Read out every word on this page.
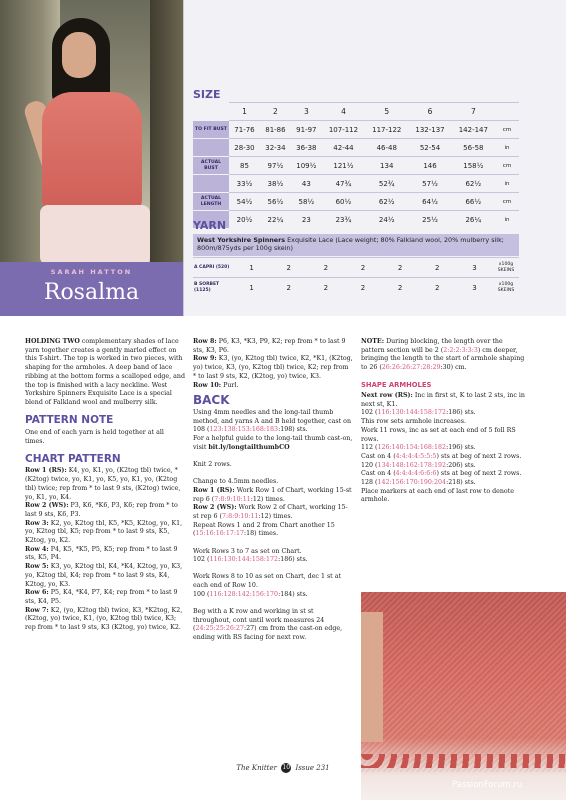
SARAH HATTON
Rosalma
SIZE
	1	2	3	4	5	6	7	
TO FIT BUST	71-76	81-86	91-97	107-112	117-122	132-137	142-147	cm
	28-30	32-34	36-38	42-44	46-48	52-54	56-58	in
ACTUAL BUST	85	97½	109½	121½	134	146	158½	cm
	33½	38½	43	47¾	52¾	57½	62½	in
ACTUAL LENGTH	54½	56½	58½	60½	62½	64½	66½	cm
	20½	22¼	23	23¾	24½	25½	26¼	in
YARN
West Yorkshire Spinners Exquisite Lace (Lace weight; 80% Falkland wool, 20% mulberry silk; 800m/875yds per 100g skein)
A CAPRI (520)	1	2	2	2	2	2	3	x100g SKEINS
B SORBET (1125)	1	2	2	2	2	2	3	x100g SKEINS

HOLDING TWO complementary shades of lace yarn together creates a gently marled effect on this T-shirt. The top is worked in two pieces, with shaping for the armholes. A deep band of lace ribbing at the bottom forms a scalloped edge, and the top is finished with a lacy neckline. West Yorkshire Spinners Exquisite Lace is a special blend of Falkland wool and mulberry silk.

PATTERN NOTE

One end of each yarn is held together at all times.

CHART PATTERN

Row 1 (RS): K4, yo, K1, yo, (K2tog tbl) twice, *(K2tog) twice, yo, K1, yo, K5, yo, K1, yo, (K2tog tbl) twice; rep from * to last 9 sts, (K2tog) twice, yo, K1, yo, K4.

Row 2 (WS): P3, K6, *K6, P3, K6; rep from * to last 9 sts, K6, P3.

Row 3: K2, yo, K2tog tbl, K5, *K5, K2tog, yo, K1, yo, K2tog tbl, K5; rep from * to last 9 sts, K5, K2tog, yo, K2.

Row 4: P4, K5, *K5, P5, K5; rep from * to last 9 sts, K5, P4.

Row 5: K3, yo, K2tog tbl, K4, *K4, K2tog, yo, K3, yo, K2tog tbl, K4; rep from * to last 9 sts, K4, K2tog, yo, K3.

Row 6: P5, K4, *K4, P7, K4; rep from * to last 9 sts, K4, P5.

Row 7: K2, (yo, K2tog tbl) twice, K3, *K2tog, K2, (K2tog, yo) twice, K1, (yo, K2tog tbl) twice, K3; rep from * to last 9 sts, K3 (K2tog, yo) twice, K2.

Row 8: P6, K3, *K3, P9, K2; rep from * to last 9 sts, K3, P6.

Row 9: K3, (yo, K2tog tbl) twice, K2, *K1, (K2tog, yo) twice, K3, (yo, K2tog tbl) twice, K2; rep from * to last 9 sts, K2, (K2tog, yo) twice, K3.

Row 10: Purl.

BACK

Using 4mm needles and the long-tail thumb method, and yarns A and B held together, cast on 108 (123:138:153:168:183:198) sts.

For a helpful guide to the long-tail thumb cast-on, visit bit.ly/longtailthumbCO

Knit 2 rows.

Change to 4.5mm needles.

Row 1 (RS): Work Row 1 of Chart, working 15-st rep 6 (7:8:9:10:11:12) times.

Row 2 (WS): Work Row 2 of Chart, working 15-st rep 6 (7:8:9:10:11:12) times.

Repeat Rows 1 and 2 from Chart another 15 (15:16:16:17:17:18) times.

Work Rows 3 to 7 as set on Chart.

102 (116:130:144:158:172:186) sts.

Work Rows 8 to 10 as set on Chart, dec 1 st at each end of Row 10.

100 (116:128:142:156:170:184) sts.

Beg with a K row and working in st st throughout, cont until work measures 24 (24:25:25:26:27:27) cm from the cast-on edge, ending with RS facing for next row.

NOTE: During blocking, the length over the pattern section will be 2 (2:2:2:3:3:3) cm deeper, bringing the length to the start of armhole shaping to 26 (26:26:26:27:28:29:30) cm.

SHAPE ARMHOLES

Next row (RS): Inc in first st, K to last 2 sts, inc in next st, K1.

102 (116:130:144:158:172:186) sts.

This row sets armhole increases.

Work 11 rows, inc as set at each end of 5 foll RS rows.

112 (126:140:154:168:182:196) sts.

Cast on 4 (4:4:4:4:5:5:5) sts at beg of next 2 rows.

120 (134:148:162:178:192:206) sts.

Cast on 4 (4:4:4:4:6:6:6) sts at beg of next 2 rows.

128 (142:156:170:190:204:218) sts.

Place markers at each end of last row to denote armhole.

The Knitter 10 Issue 231
PassionForum.ru
